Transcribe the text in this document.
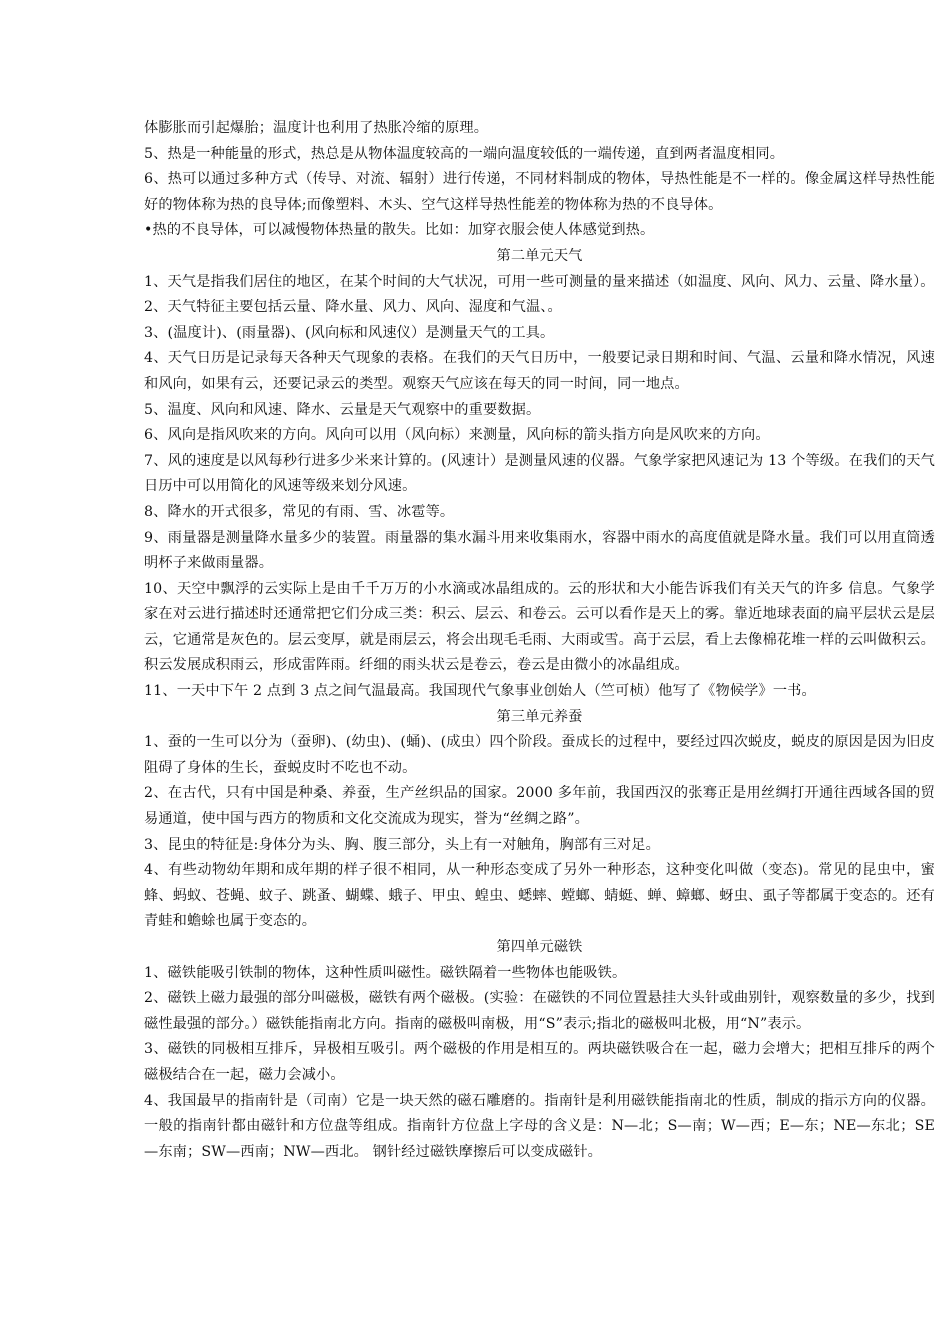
体膨胀而引起爆胎；温度计也利用了热胀冷缩的原理。

5、热是一种能量的形式，热总是从物体温度较高的一端向温度较低的一端传递，直到两者温度相同。

6、热可以通过多种方式（传导、对流、辐射）进行传递，不同材料制成的物体，导热性能是不一样的。像金属这样导热性能好的物体称为热的良导体;而像塑料、木头、空气这样导热性能差的物体称为热的不良导体。

•热的不良导体，可以减慢物体热量的散失。比如：加穿衣服会使人体感觉到热。

第二单元天气

1、天气是指我们居住的地区，在某个时间的大气状况，可用一些可测量的量来描述（如温度、风向、风力、云量、降水量）。

2、天气特征主要包括云量、降水量、风力、风向、湿度和气温、。

3、(温度计)、(雨量器)、(风向标和风速仪）是测量天气的工具。

4、天气日历是记录每天各种天气现象的表格。在我们的天气日历中，一般要记录日期和时间、气温、云量和降水情况，风速和风向，如果有云，还要记录云的类型。观察天气应该在每天的同一时间，同一地点。

5、温度、风向和风速、降水、云量是天气观察中的重要数据。

6、风向是指风吹来的方向。风向可以用（风向标）来测量，风向标的箭头指方向是风吹来的方向。

7、风的速度是以风每秒行进多少米来计算的。(风速计）是测量风速的仪器。气象学家把风速记为 13 个等级。在我们的天气日历中可以用简化的风速等级来划分风速。

8、降水的开式很多，常见的有雨、雪、冰雹等。

9、雨量器是测量降水量多少的装置。雨量器的集水漏斗用来收集雨水，容器中雨水的高度值就是降水量。我们可以用直筒透明杯子来做雨量器。

10、天空中飘浮的云实际上是由千千万万的小水滴或冰晶组成的。云的形状和大小能告诉我们有关天气的许多 信息。气象学家在对云进行描述时还通常把它们分成三类：积云、层云、和卷云。云可以看作是天上的雾。靠近地球表面的扁平层状云是层云，它通常是灰色的。层云变厚，就是雨层云，将会出现毛毛雨、大雨或雪。高于云层，看上去像棉花堆一样的云叫做积云。积云发展成积雨云，形成雷阵雨。纤细的雨头状云是卷云，卷云是由微小的冰晶组成。

11、一天中下午 2 点到 3 点之间气温最高。我国现代气象事业创始人（竺可桢）他写了《物候学》一书。

第三单元养蚕

1、蚕的一生可以分为（蚕卵)、(幼虫)、(蛹)、(成虫）四个阶段。蚕成长的过程中，要经过四次蜕皮，蜕皮的原因是因为旧皮阻碍了身体的生长，蚕蜕皮时不吃也不动。

2、在古代，只有中国是种桑、养蚕，生产丝织品的国家。2000 多年前，我国西汉的张骞正是用丝绸打开通往西域各国的贸易通道，使中国与西方的物质和文化交流成为现实，誉为“丝绸之路”。

3、昆虫的特征是:身体分为头、胸、腹三部分，头上有一对触角，胸部有三对足。

4、有些动物幼年期和成年期的样子很不相同，从一种形态变成了另外一种形态，这种变化叫做（变态)。常见的昆虫中，蜜蜂、蚂蚁、苍蝇、蚊子、跳蚤、蝴蝶、蛾子、甲虫、蝗虫、蟋蟀、螳螂、蜻蜓、蝉、蟑螂、蚜虫、虱子等都属于变态的。还有青蛙和蟾蜍也属于变态的。

第四单元磁铁

1、磁铁能吸引铁制的物体，这种性质叫磁性。磁铁隔着一些物体也能吸铁。

2、磁铁上磁力最强的部分叫磁极，磁铁有两个磁极。(实验：在磁铁的不同位置悬挂大头针或曲别针，观察数量的多少，找到磁性最强的部分。）磁铁能指南北方向。指南的磁极叫南极，用“S”表示;指北的磁极叫北极，用“N”表示。

3、磁铁的同极相互排斥，异极相互吸引。两个磁极的作用是相互的。两块磁铁吸合在一起，磁力会增大；把相互排斥的两个磁极结合在一起，磁力会减小。

4、我国最早的指南针是（司南）它是一块天然的磁石雕磨的。指南针是利用磁铁能指南北的性质，制成的指示方向的仪器。一般的指南针都由磁针和方位盘等组成。指南针方位盘上字母的含义是：N—北；S—南；W—西；E—东；NE—东北；SE—东南；SW—西南；NW—西北。 钢针经过磁铁摩擦后可以变成磁针。
